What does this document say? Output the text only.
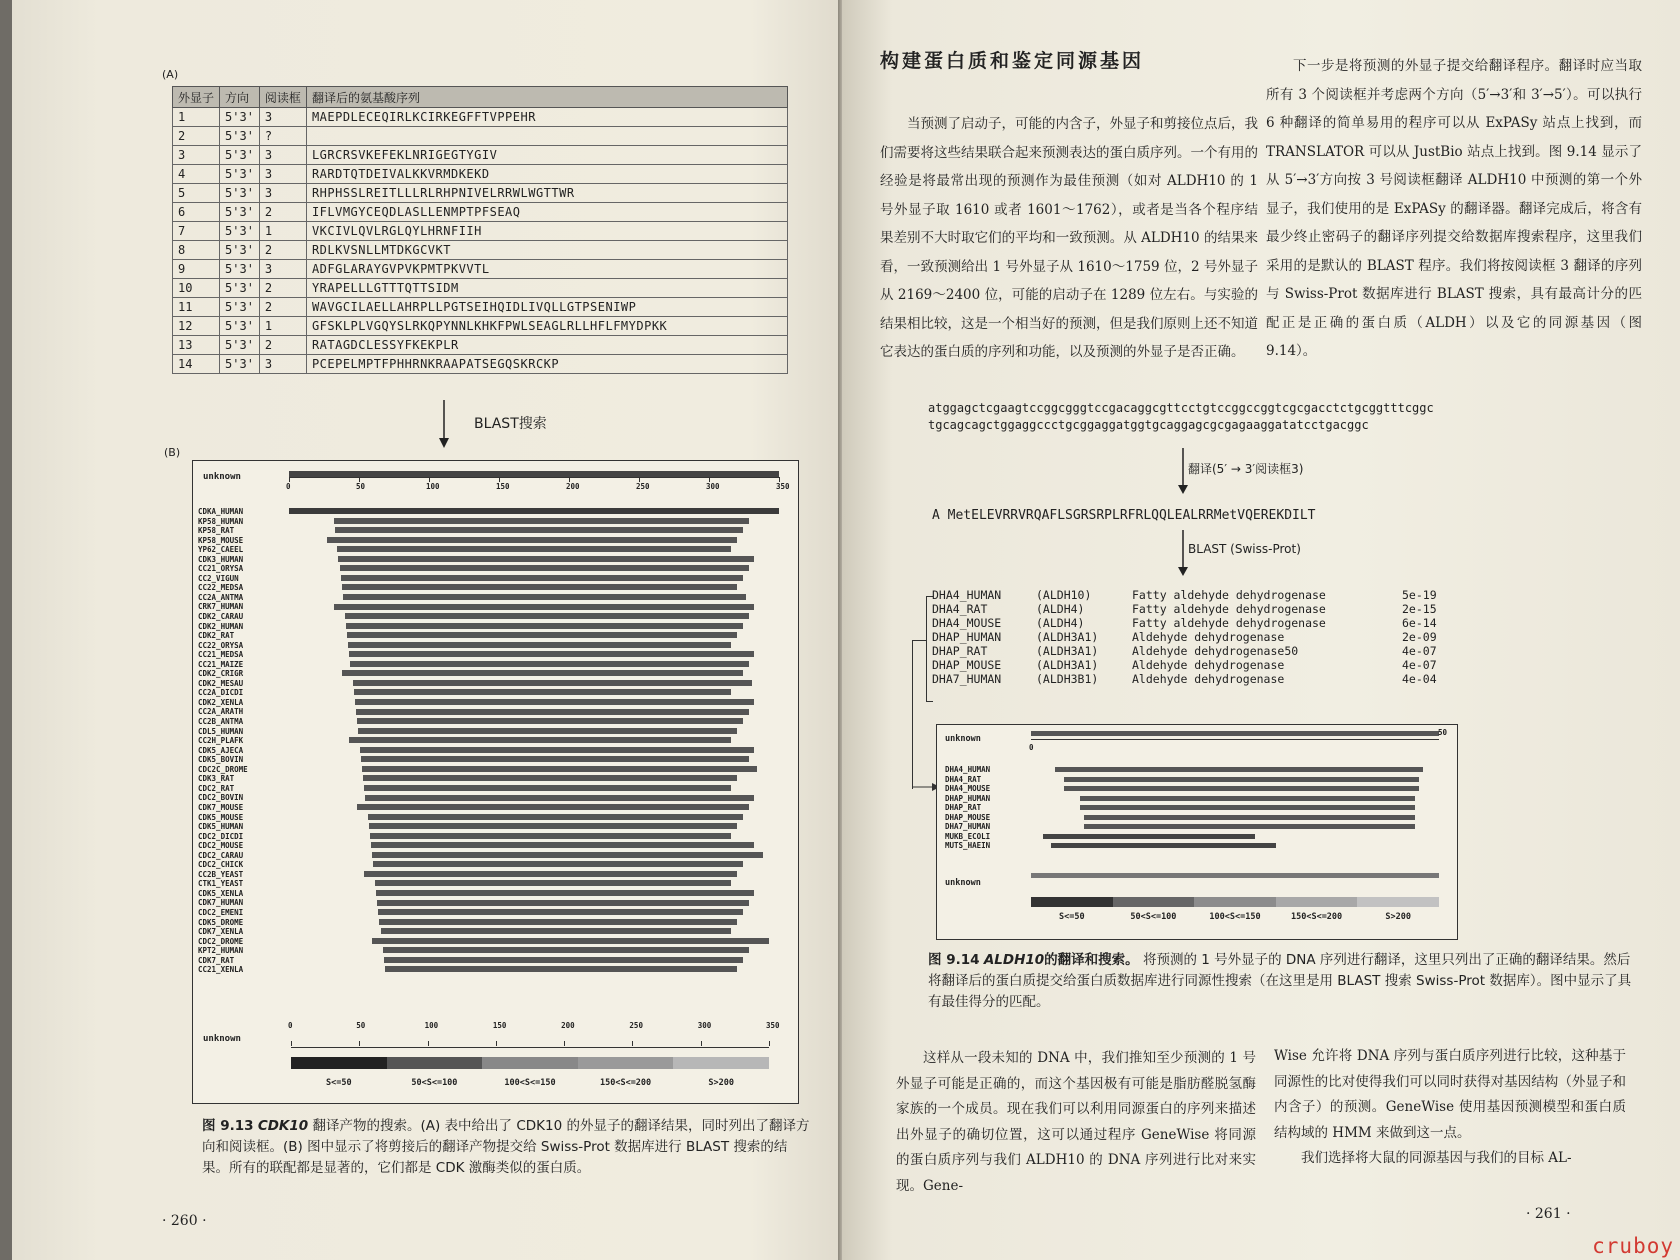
(A)
外显子	方向	阅读框	翻译后的氨基酸序列
1	5'3'	3	MAEPDLECEQIRLKCIRKEGFFTVPPEHR
2	5'3'	?	
3	5'3'	3	LGRCRSVKEFEKLNRIGEGTYGIV
4	5'3'	3	RARDTQTDEIVALKKVRMDKEKD
5	5'3'	3	RHPHSSLREITLLLRLRHPNIVELRRWLWGTTWR
6	5'3'	2	IFLVMGYCEQDLASLLENMPTPFSEAQ
7	5'3'	1	VKCIVLQVLRGLQYLHRNFIIH
8	5'3'	2	RDLKVSNLLMTDKGCVKT
9	5'3'	3	ADFGLARAYGVPVKPMTPKVVTL
10	5'3'	2	YRAPELLLGTTTQTTSIDM
11	5'3'	2	WAVGCILAELLAHRPLLPGTSEIHQIDLIVQLLGTPSENIWP
12	5'3'	1	GFSKLPLVGQYSLRKQPYNNLKHKFPWLSEAGLRLLHFLFMYDPKK
13	5'3'	2	RATAGDCLESSYFKEKPLR
14	5'3'	3	PCEPELMPTFPHHRNKRAAPATSEGQSKRCKP
BLAST搜索
(B)
unknown
0	50	100	150	200	250	300	350
CDKA_HUMAN
KP58_HUMAN
KP58_RAT
KP58_MOUSE
YP62_CAEEL
CDK3_HUMAN
CC21_ORYSA
CC2_VIGUN
CC22_MEDSA
CC2A_ANTMA
CRK7_HUMAN
CDK2_CARAU
CDK2_HUMAN
CDK2_RAT
CC22_ORYSA
CC21_MEDSA
CC21_MAIZE
CDK2_CRIGR
CDK2_MESAU
CC2A_DICDI
CDK2_XENLA
CC2A_ARATH
CC2B_ANTMA
CDL5_HUMAN
CC2H_PLAFK
CDK5_AJECA
CDK5_BOVIN
CDC2C_DROME
CDK3_RAT
CDC2_RAT
CDC2_BOVIN
CDK7_MOUSE
CDK5_MOUSE
CDK5_HUMAN
CDC2_DICDI
CDC2_MOUSE
CDC2_CARAU
CDC2_CHICK
CC2B_YEAST
CTK1_YEAST
CDK5_XENLA
CDK7_HUMAN
CDC2_EMENI
CDK5_DROME
CDK7_XENLA
CDC2_DROME
KPT2_HUMAN
CDK7_RAT
CC21_XENLA
unknown
0	50	100	150	200	250	300	350
S<=50	50<S<=100	100<S<=150	150<S<=200	S>200
图 9.13 CDK10 翻译产物的搜索。(A) 表中给出了 CDK10 的外显子的翻译结果，同时列出了翻译方向和阅读框。(B) 图中显示了将剪接后的翻译产物提交给 Swiss-Prot 数据库进行 BLAST 搜索的结果。所有的联配都是显著的，它们都是 CDK 激酶类似的蛋白质。
· 260 ·
构建蛋白质和鉴定同源基因
当预测了启动子，可能的内含子，外显子和剪接位点后，我们需要将这些结果联合起来预测表达的蛋白质序列。一个有用的经验是将最常出现的预测作为最佳预测（如对 ALDH10 的 1 号外显子取 1610 或者 1601～1762），或者是当各个程序结果差别不大时取它们的平均和一致预测。从 ALDH10 的结果来看，一致预测给出 1 号外显子从 1610～1759 位，2 号外显子从 2169～2400 位，可能的启动子在 1289 位左右。与实验的结果相比较，这是一个相当好的预测，但是我们原则上还不知道它表达的蛋白质的序列和功能，以及预测的外显子是否正确。
下一步是将预测的外显子提交给翻译程序。翻译时应当取所有 3 个阅读框并考虑两个方向（5′→3′和 3′→5′）。可以执行 6 种翻译的简单易用的程序可以从 ExPASy 站点上找到，而 TRANSLATOR 可以从 JustBio 站点上找到。图 9.14 显示了从 5′→3′方向按 3 号阅读框翻译 ALDH10 中预测的第一个外显子，我们使用的是 ExPASy 的翻译器。翻译完成后，将含有最少终止密码子的翻译序列提交给数据库搜索程序，这里我们采用的是默认的 BLAST 程序。我们将按阅读框 3 翻译的序列与 Swiss-Prot 数据库进行 BLAST 搜索，具有最高计分的匹配正是正确的蛋白质（ALDH）以及它的同源基因（图 9.14）。
atggagctcgaagtccggcgggtccgacaggcgttcctgtccggccggtcgcgacctctgcggtttcggc
tgcagcagctggaggccctgcggaggatggtgcaggagcgcgagaaggatatcctgacggc
翻译(5′ → 3′阅读框3)
A MetELEVRRVRQAFLSGRSRPLRFRLQQLEALRRMetVQEREKDILT
BLAST (Swiss-Prot)
DHA4_HUMAN	(ALDH10)	Fatty aldehyde dehydrogenase	5e-19
DHA4_RAT	(ALDH4)	Fatty aldehyde dehydrogenase	2e-15
DHA4_MOUSE	(ALDH4)	Fatty aldehyde dehydrogenase	6e-14
DHAP_HUMAN	(ALDH3A1)	Aldehyde dehydrogenase	2e-09
DHAP_RAT	(ALDH3A1)	Aldehyde dehydrogenase50	4e-07
DHAP_MOUSE	(ALDH3A1)	Aldehyde dehydrogenase	4e-07
DHA7_HUMAN	(ALDH3B1)	Aldehyde dehydrogenase	4e-04
unknown
0
50
DHA4_HUMAN
DHA4_RAT
DHA4_MOUSE
DHAP_HUMAN
DHAP_RAT
DHAP_MOUSE
DHA7_HUMAN
MUKB_ECOLI
MUTS_HAEIN
unknown
S<=50	50<S<=100	100<S<=150	150<S<=200	S>200
图 9.14 ALDH10的翻译和搜索。 将预测的 1 号外显子的 DNA 序列进行翻译，这里只列出了正确的翻译结果。然后将翻译后的蛋白质提交给蛋白质数据库进行同源性搜索（在这里是用 BLAST 搜索 Swiss-Prot 数据库）。图中显示了具有最佳得分的匹配。
这样从一段未知的 DNA 中，我们推知至少预测的 1 号外显子可能是正确的，而这个基因极有可能是脂肪醛脱氢酶家族的一个成员。现在我们可以利用同源蛋白的序列来描述出外显子的确切位置，这可以通过程序 GeneWise 将同源的蛋白质序列与我们 ALDH10 的 DNA 序列进行比对来实现。Gene-
Wise 允许将 DNA 序列与蛋白质序列进行比较，这种基于同源性的比对使得我们可以同时获得对基因结构（外显子和内含子）的预测。GeneWise 使用基因预测模型和蛋白质结构域的 HMM 来做到这一点。
我们选择将大鼠的同源基因与我们的目标 AL-
· 261 ·
cruboy
